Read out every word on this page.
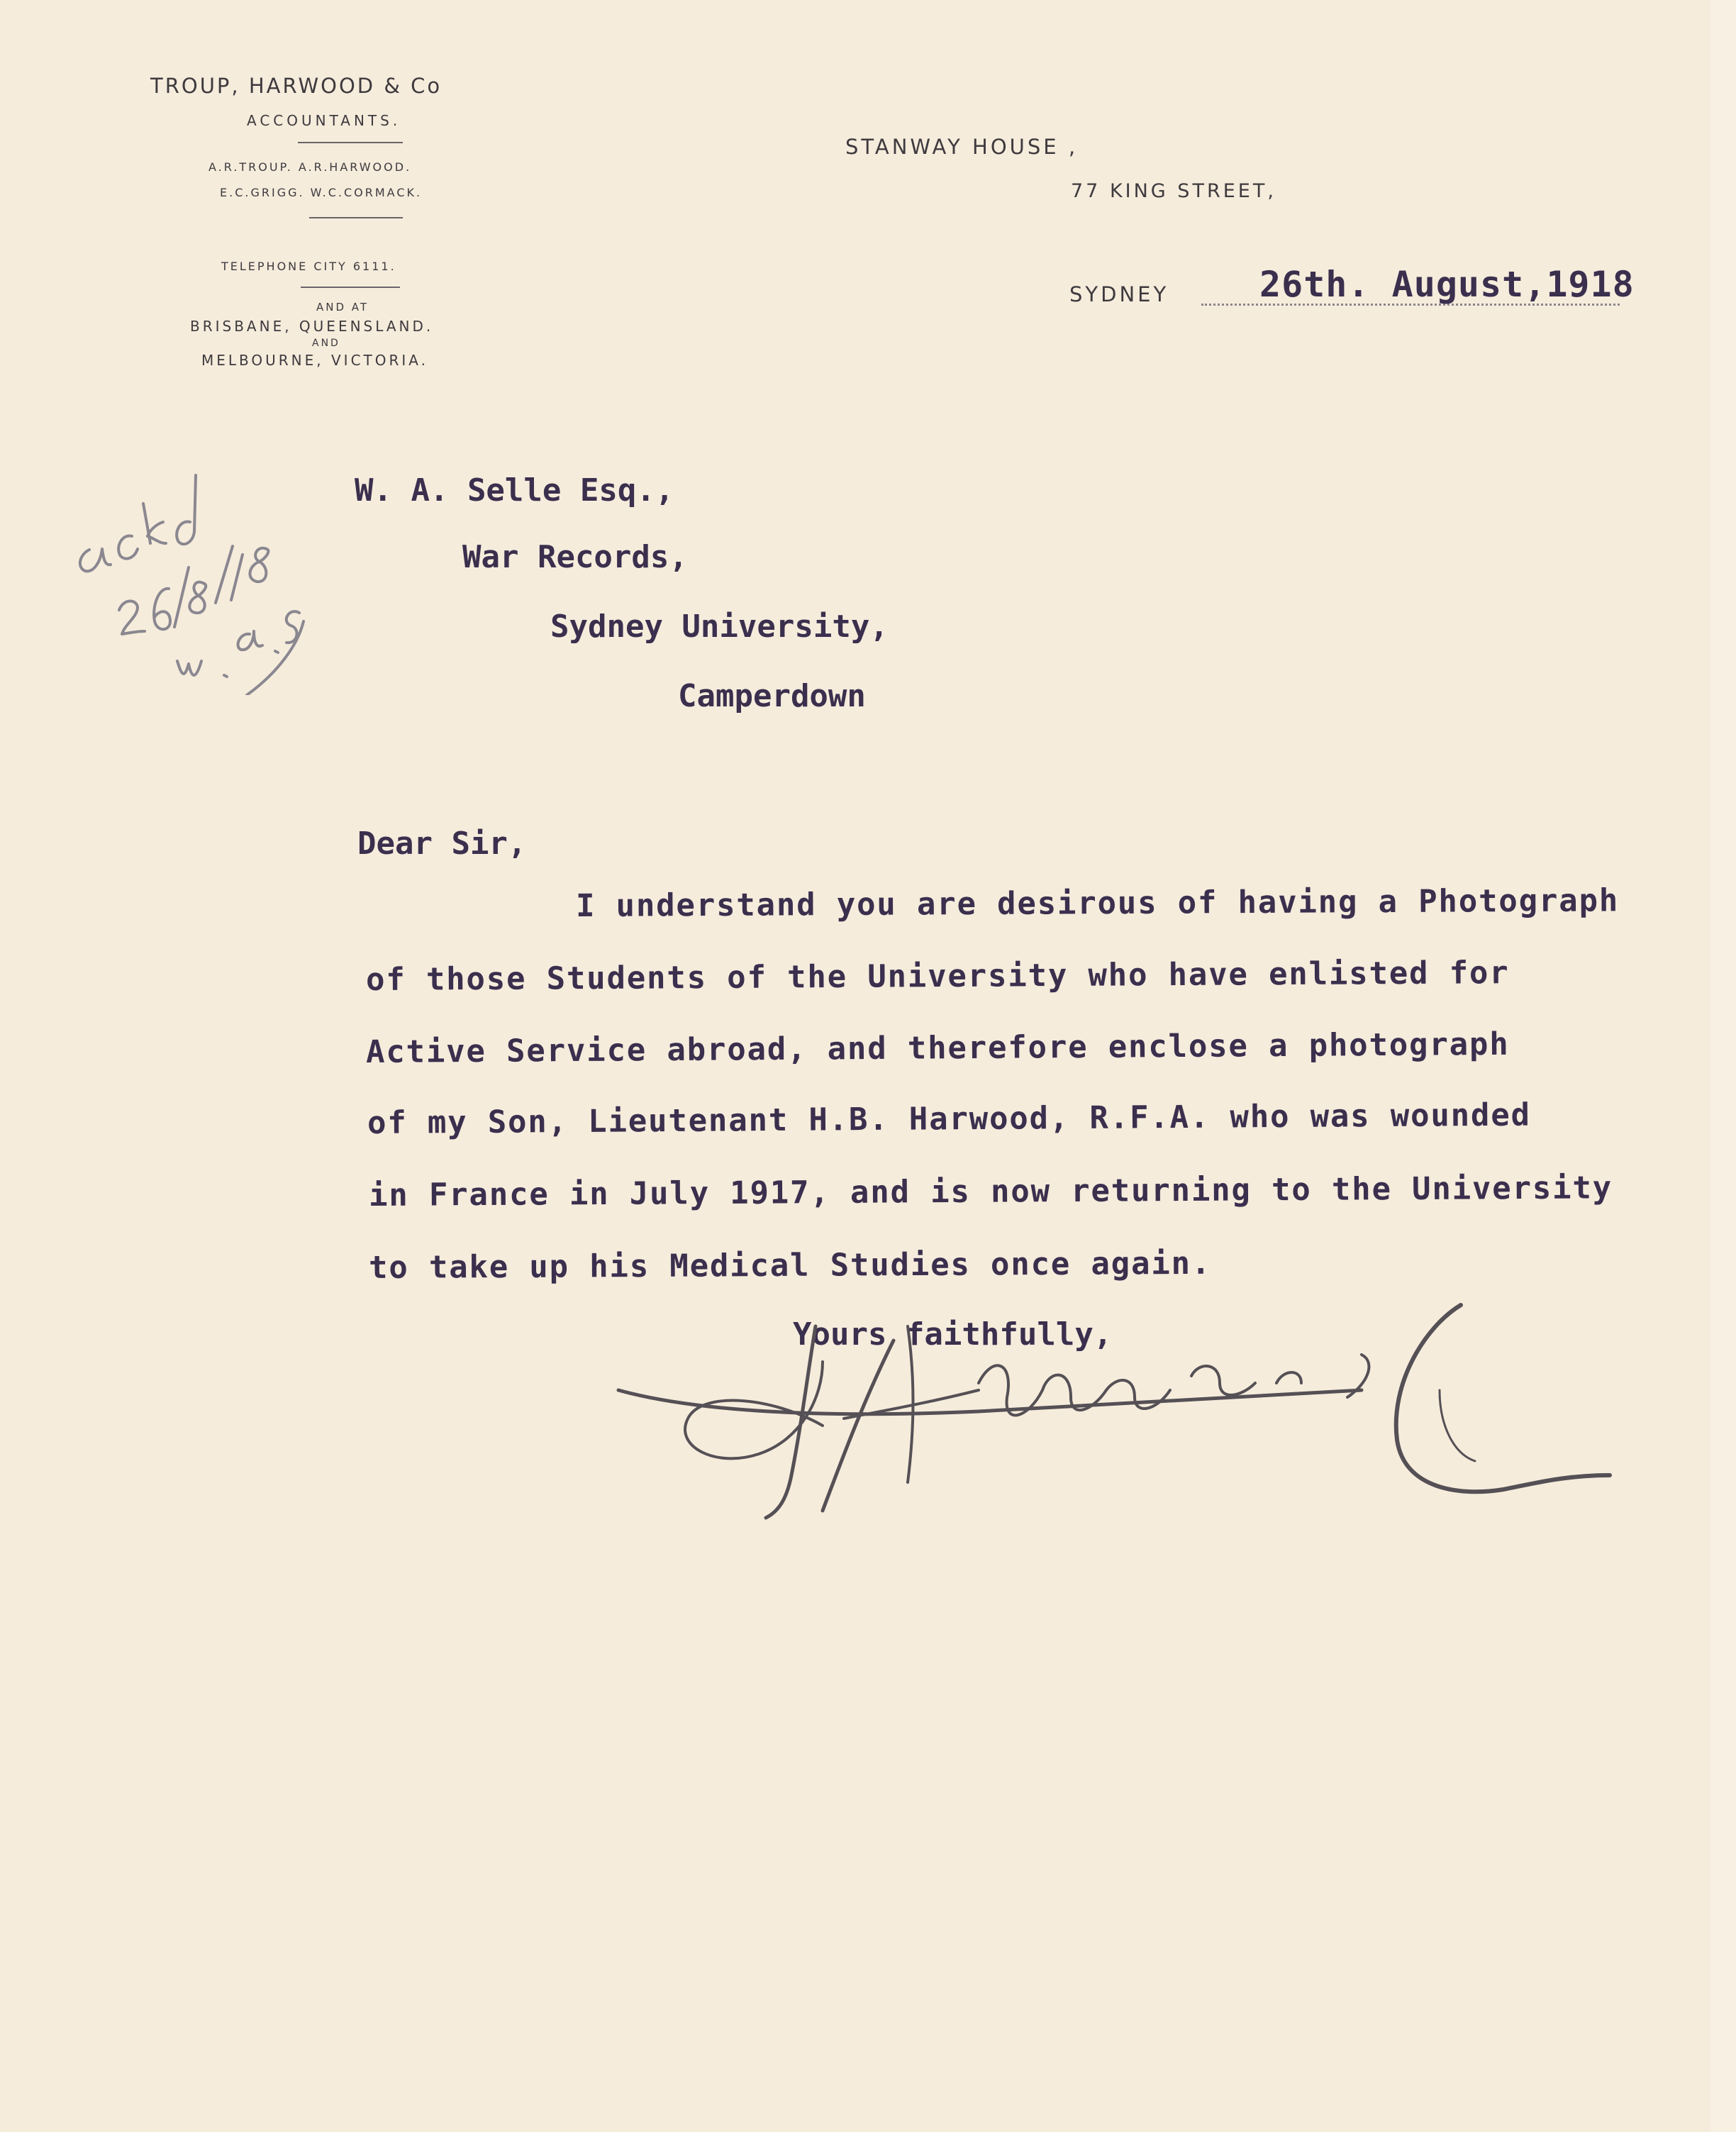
TROUP, HARWOOD & Co
ACCOUNTANTS.
A.R.TROUP. A.R.HARWOOD.
E.C.GRIGG. W.C.CORMACK.
TELEPHONE CITY 6111.
AND AT
BRISBANE, QUEENSLAND.
AND
MELBOURNE, VICTORIA.
STANWAY HOUSE ,
77 KING STREET,
SYDNEY	26th. August,1918
W. A. Selle Esq.,
War Records,
Sydney University,
Camperdown
Dear Sir,
I understand you are desirous of having a Photograph
of those Students of the University who have enlisted for
Active Service abroad, and therefore enclose a photograph
of my Son, Lieutenant H.B. Harwood, R.F.A. who was wounded
in France in July 1917, and is now returning to the University
to take up his Medical Studies once again.
Yours faithfully,
